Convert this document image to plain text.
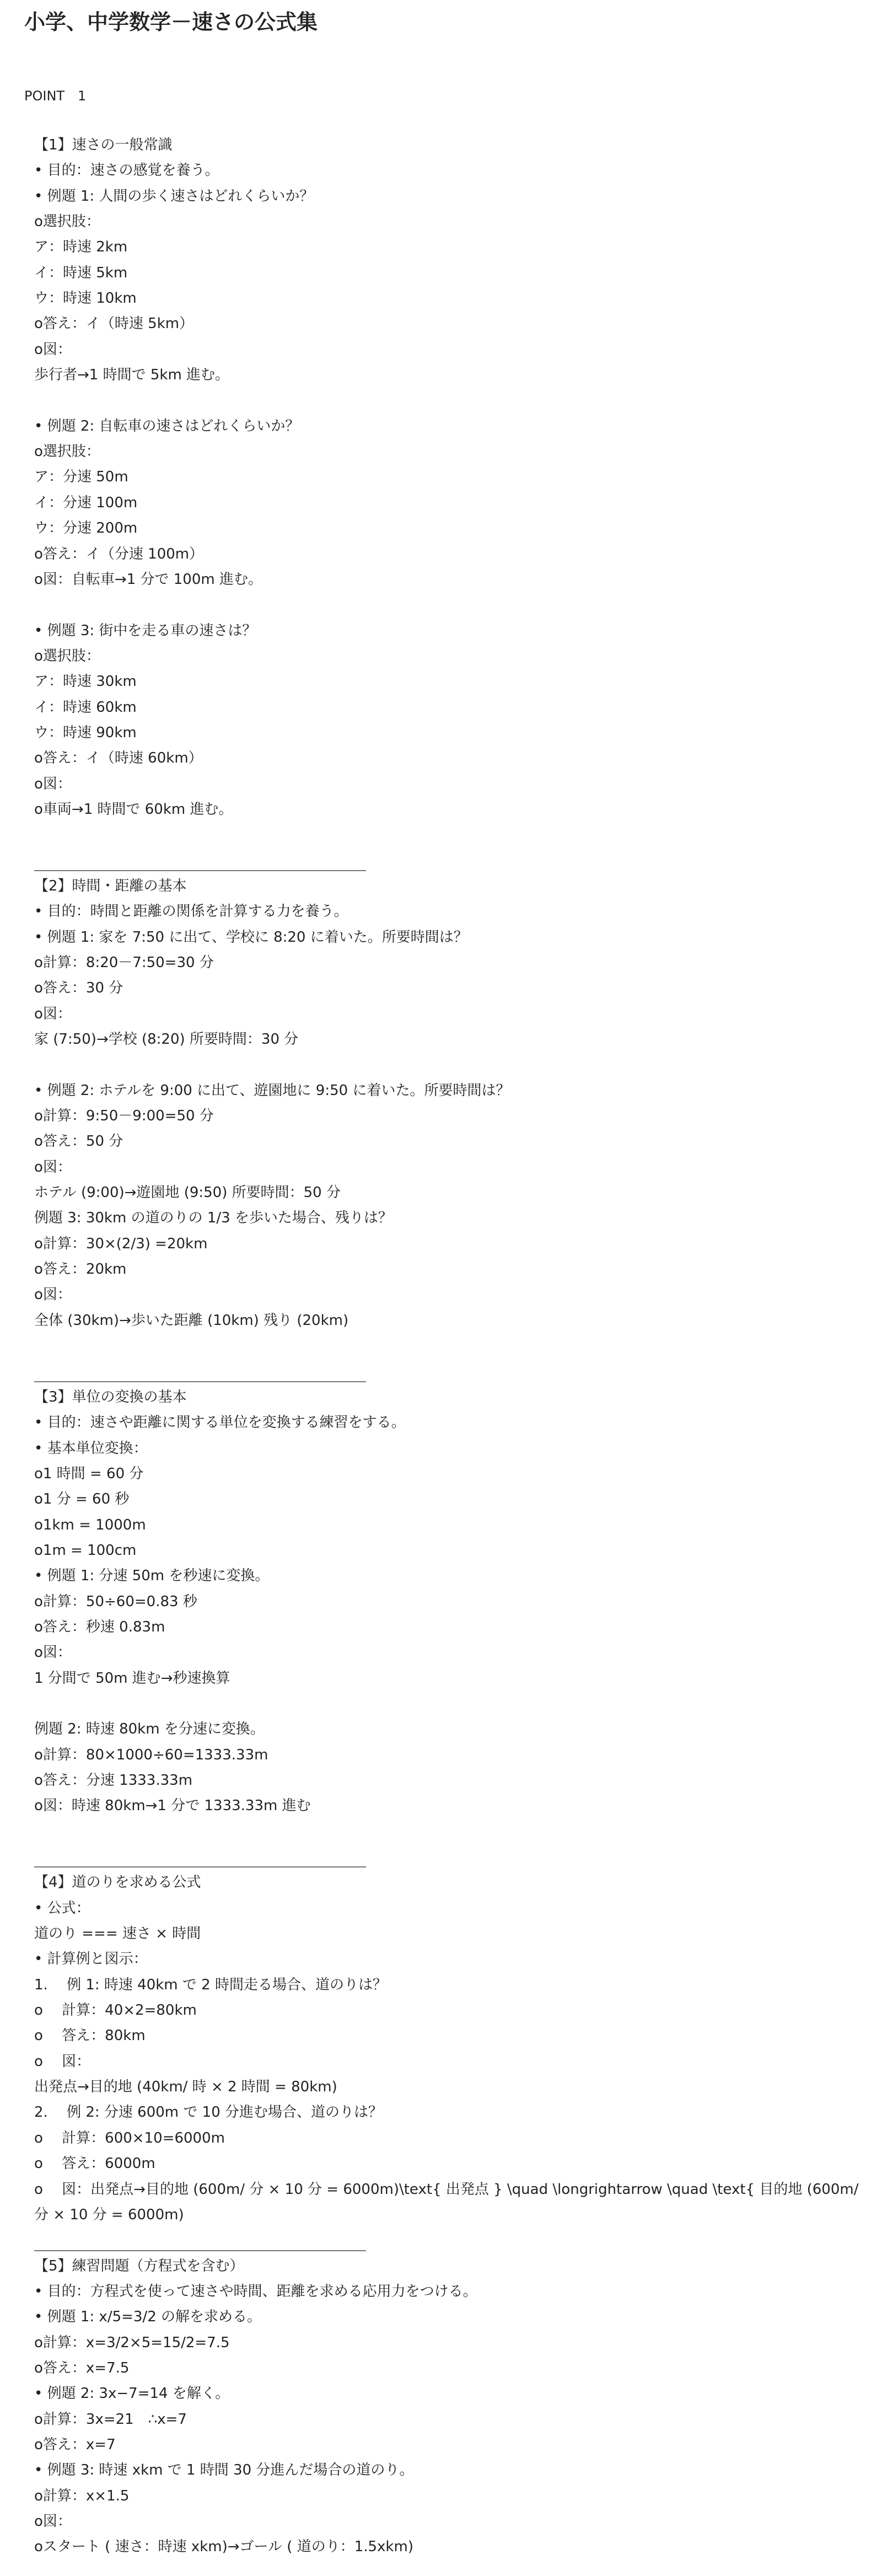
小学、中学数学－速さの公式集
POINT　1
【1】速さの一般常識
• 目的：速さの感覚を養う。
• 例題 1: 人間の歩く速さはどれくらいか？
o選択肢：
ア：時速 2km
イ：時速 5km
ウ：時速 10km
o答え：イ（時速 5km）
o図：
歩行者→1 時間で 5km 進む。
• 例題 2: 自転車の速さはどれくらいか？
o選択肢：
ア：分速 50m
イ：分速 100m
ウ：分速 200m
o答え：イ（分速 100m）
o図：自転車→1 分で 100m 進む。
• 例題 3: 街中を走る車の速さは？
o選択肢：
ア：時速 30km
イ：時速 60km
ウ：時速 90km
o答え：イ（時速 60km）
o図：
o車両→1 時間で 60km 進む。
【2】時間・距離の基本
• 目的：時間と距離の関係を計算する力を養う。
• 例題 1: 家を 7:50 に出て、学校に 8:20 に着いた。所要時間は？
o計算：8:20－7:50=30 分
o答え：30 分
o図：
家 (7:50)→学校 (8:20) 所要時間：30 分
• 例題 2: ホテルを 9:00 に出て、遊園地に 9:50 に着いた。所要時間は？
o計算：9:50－9:00=50 分
o答え：50 分
o図：
ホテル (9:00)→遊園地 (9:50) 所要時間：50 分
例題 3: 30km の道のりの 1/3 を歩いた場合、残りは？
o計算：30×(2/3) =20km
o答え：20km
o図：
全体 (30km)→歩いた距離 (10km) 残り (20km)
【3】単位の変換の基本
• 目的：速さや距離に関する単位を変換する練習をする。
• 基本単位変換：
o1 時間 = 60 分
o1 分 = 60 秒
o1km = 1000m
o1m = 100cm
• 例題 1: 分速 50m を秒速に変換。
o計算：50÷60=0.83 秒
o答え：秒速 0.83m
o図：
1 分間で 50m 進む→秒速換算
例題 2: 時速 80km を分速に変換。
o計算：80×1000÷60=1333.33m
o答え：分速 1333.33m
o図：時速 80km→1 分で 1333.33m 進む
【4】道のりを求める公式
• 公式：
道のり === 速さ × 時間
• 計算例と図示：
1.　 例 1: 時速 40km で 2 時間走る場合、道のりは？
o　 計算：40×2=80km
o　 答え：80km
o　 図：
出発点→目的地 (40km/ 時 × 2 時間 = 80km)
2.　 例 2: 分速 600m で 10 分進む場合、道のりは？
o　 計算：600×10=6000m
o　 答え：6000m
o　 図：出発点→目的地 (600m/ 分 × 10 分 = 6000m)\text{ 出発点 } \quad \longrightarrow \quad \text{ 目的地 (600m/ 分 × 10 分 = 6000m)
【5】練習問題（方程式を含む）
• 目的：方程式を使って速さや時間、距離を求める応用力をつける。
• 例題 1: x/5=3/2 の解を求める。
o計算：x=3/2×5=15/2=7.5
o答え：x=7.5
• 例題 2: 3x−7=14 を解く。
o計算：3x=21　∴x=7
o答え：x=7
• 例題 3: 時速 xkm で 1 時間 30 分進んだ場合の道のり。
o計算：x×1.5
o図：
oスタート ( 速さ：時速 xkm)→ゴール ( 道のり：1.5xkm)
